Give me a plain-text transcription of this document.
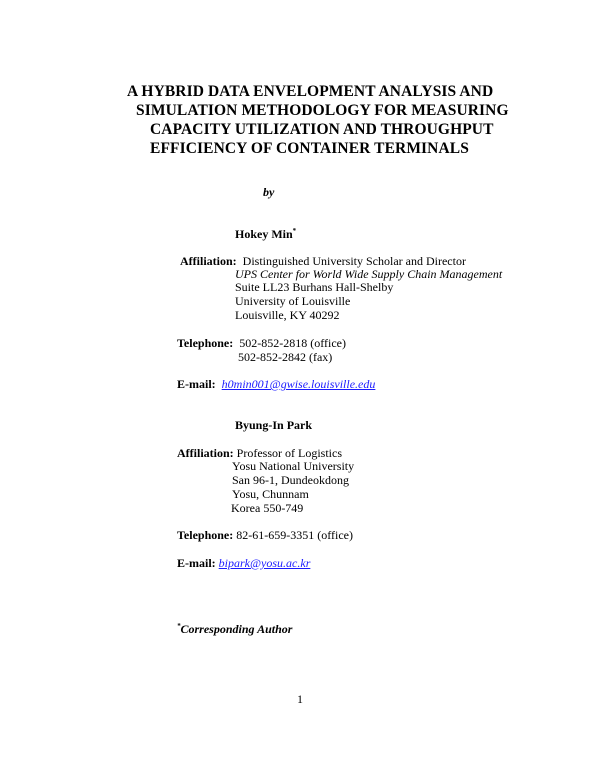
A HYBRID DATA ENVELOPMENT ANALYSIS AND
SIMULATION METHODOLOGY FOR MEASURING
CAPACITY UTILIZATION AND THROUGHPUT
EFFICIENCY OF CONTAINER TERMINALS
by
Hokey Min*
Affiliation: Distinguished University Scholar and Director
UPS Center for World Wide Supply Chain Management
Suite LL23 Burhans Hall-Shelby
University of Louisville
Louisville, KY 40292
Telephone: 502-852-2818 (office)
502-852-2842 (fax)
E-mail: h0min001@gwise.louisville.edu
Byung-In Park
Affiliation: Professor of Logistics
Yosu National University
San 96-1, Dundeokdong
Yosu, Chunnam
Korea 550-749
Telephone: 82-61-659-3351 (office)
E-mail: bipark@yosu.ac.kr
*Corresponding Author
1
